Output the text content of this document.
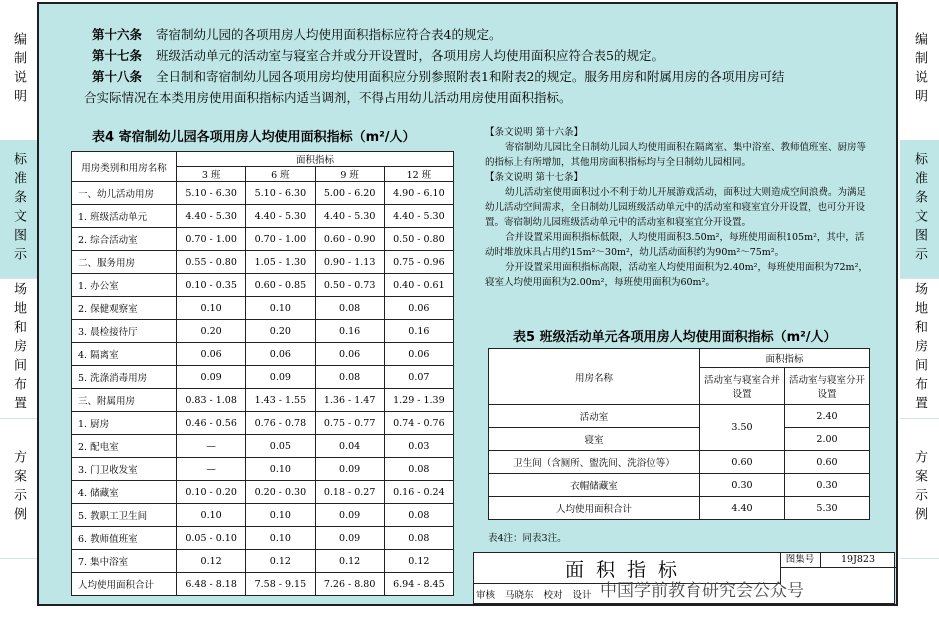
编制说明
标准条文图示
场地和房间布置
方案示例
编制说明
标准条文图示
场地和房间布置
方案示例
第十六条 寄宿制幼儿园的各项用房人均使用面积指标应符合表4的规定。
第十七条 班级活动单元的活动室与寝室合并或分开设置时，各项用房人均使用面积应符合表5的规定。
第十八条 全日制和寄宿制幼儿园各项用房均使用面积应分别参照附表1和附表2的规定。服务用房和附属用房的各项用房可结
合实际情况在本类用房使用面积指标内适当调剂，不得占用幼儿活动用房使用面积指标。
表4 寄宿制幼儿园各项用房人均使用面积指标（m²/人）
用房类别和用房名称	面积指标			
	3 班	6 班	9 班	12 班
一、幼儿活动用房	5.10 - 6.30	5.10 - 6.30	5.00 - 6.20	4.90 - 6.10
1. 班级活动单元	4.40 - 5.30	4.40 - 5.30	4.40 - 5.30	4.40 - 5.30
2. 综合活动室	0.70 - 1.00	0.70 - 1.00	0.60 - 0.90	0.50 - 0.80
二、服务用房	0.55 - 0.80	1.05 - 1.30	0.90 - 1.13	0.75 - 0.96
1. 办公室	0.10 - 0.35	0.60 - 0.85	0.50 - 0.73	0.40 - 0.61
2. 保健观察室	0.10	0.10	0.08	0.06
3. 晨检接待厅	0.20	0.20	0.16	0.16
4. 隔离室	0.06	0.06	0.06	0.06
5. 洗涤消毒用房	0.09	0.09	0.08	0.07
三、附属用房	0.83 - 1.08	1.43 - 1.55	1.36 - 1.47	1.29 - 1.39
1. 厨房	0.46 - 0.56	0.76 - 0.78	0.75 - 0.77	0.74 - 0.76
2. 配电室	—	0.05	0.04	0.03
3. 门卫收发室	—	0.10	0.09	0.08
4. 储藏室	0.10 - 0.20	0.20 - 0.30	0.18 - 0.27	0.16 - 0.24
5. 教职工卫生间	0.10	0.10	0.09	0.08
6. 教师值班室	0.05 - 0.10	0.10	0.09	0.08
7. 集中浴室	0.12	0.12	0.12	0.12
人均使用面积合计	6.48 - 8.18	7.58 - 9.15	7.26 - 8.80	6.94 - 8.45
【条文说明 第十六条】

寄宿制幼儿园比全日制幼儿园人均使用面积在隔离室、集中浴室、教师值班室、厨房等的指标上有所增加，其他用房面积指标均与全日制幼儿园相同。

【条文说明 第十七条】

幼儿活动室使用面积过小不利于幼儿开展游戏活动，面积过大则造成空间浪费。为满足幼儿活动空间需求，全日制幼儿园班级活动单元中的活动室和寝室宜分开设置，也可分开设置。寄宿制幼儿园班级活动单元中的活动室和寝室宜分开设置。

合并设置采用面积指标低限，人均使用面积3.50m²，每班使用面积105m²，其中，活动时堆放床具占用约15m²～30m²，幼儿活动面积约为90m²～75m²。

分开设置采用面积指标高限，活动室人均使用面积为2.40m²，每班使用面积为72m²，寝室人均使用面积为2.00m²，每班使用面积为60m²。

表5 班级活动单元各项用房人均使用面积指标（m²/人）
用房名称	面积指标	
	活动室与寝室合并设置	活动室与寝室分开设置
活动室	3.50	2.40
寝室		2.00
卫生间（含厕所、盥洗间、洗浴位等）	0.60	0.60
衣帽储藏室	0.30	0.30
人均使用面积合计	4.40	5.30
表4注：同表3注。
面积指标	图集号	19J823
审核 马晓东 校对 设计 中国学前教育研究会公众号
